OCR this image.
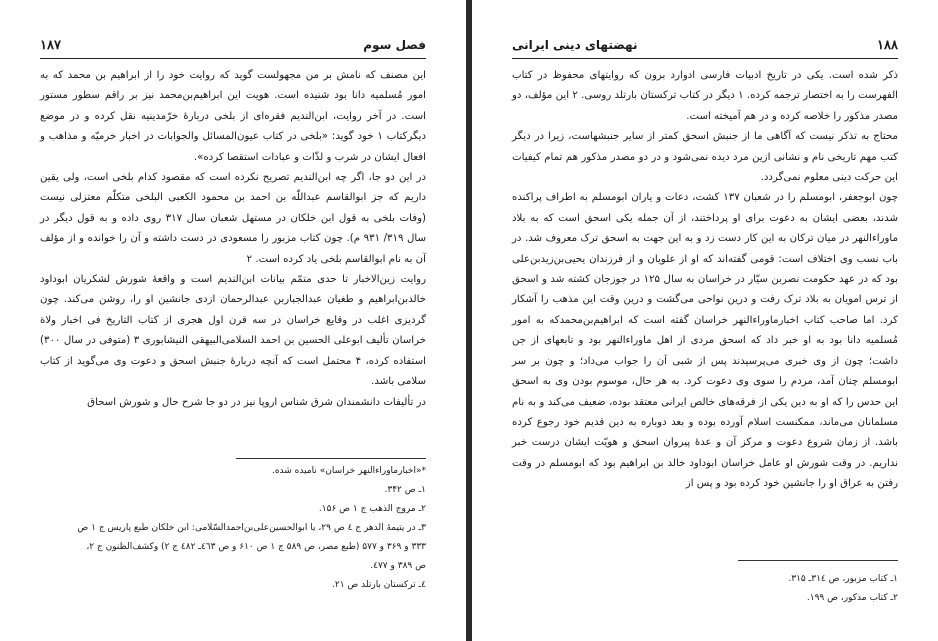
۱۸۷	فصل سوم

این مصنف که نامش بر من مجهولست گوید که روایت خود را از ابراهیم بن محمد که به امور مُسلمیه دانا بود شنیده است. هویت این ابراهیم‌بن‌محمد نیز بر راقم سطور مستور است. در آخر روایت، ابن‌الندیم فقره‌ای از بلخی دربارهٔ خرّمدینیه نقل کرده و در موضع دیگرکتاب ۱ خود گوید: «بلخی در کتاب عیون‌المسائل والجوابات در اخبار خرمیّه و مذاهب و افعال ایشان در شرب و لذّات و عبادات استقصا کرده».

در این دو جا، اگر چه ابن‌الندیم تصریح نکرده است که مقصود کدام بلخی است، ولی یقین داریم که جز ابوالقاسم عبداللّه بن احمد بن محمود الکعبی البلخی متکلّم معتزلی نیست (وفات بلخی به قول ابن خلکان در مستهل شعبان سال ۳۱۷ روی داده و به قول دیگر در سال ۳۱۹/ ۹۳۱ م). چون کتاب مزبور را مسعودی در دست داشته و آن را خوانده و از مؤلف آن به نام ابوالقاسم بلخی یاد کرده است. ۲

روایت زین‌الاخبار تا حدی متمّم بیانات ابن‌الندیم است و واقعهٔ شورش لشکریان ابوداود خالدبن‌ابراهیم و طغیان عبدالجباربن عبدالرحمان ازدی جانشین او را، روشن می‌کند. چون گردیزی اغلب در وقایع خراسان در سه قرن اول هجری از کتاب التاریخ فی اخبار ولاة خراسان تألیف ابوعلی الحسین بن احمد السلامی‌البیهقی النیشابوری ۳ (متوفی در سال ۳۰۰) استفاده کرده، ۴ محتمل است که آنچه دربارهٔ جنبش اسحق و دعوت وی می‌گوید از کتاب سلامی باشد.

در تألیفات دانشمندان شرق شناس اروپا نیز در دو جا شرح حال و شورش اسحاق

*«اخبارماوراءالنهر خراسان» نامیده شده.
۱ـ ص ۳۴۲.
۲ـ مروج الذهب ج ۱ ص ۱۵۶.
۳ـ در یتیمهٔ الدهر ج ٤ ص ۲۹، یا ابوالحسین‌علی‌بن‌احمدالسّلامی: ابن خلکان طبع پاریس ج ۱ ص
۳۳۳ و ۳۶۹ و ۵۷۷ (طبع مصر، ص ۵۸۹ ج ۱ ص ۶۱۰ و ص ٤٦٣ـ ٤٨٢ ج ۲) وکشف‌الظنون ج ۲،
ص ۳۸۹ و ٤٧٧.
٤ـ ترکستان بارتلد ص ۲۱.
۱۸۸
نهضتهای دینی ایرانی

ذکر شده است. یکی در تاریخ ادبیات فارسی ادوارد برون که روایتهای محفوظ در کتاب الفهرست را به اختصار ترجمه کرده. ۱ دیگر در کتاب ترکستان بارتلد روسی. ۲ این مؤلف، دو مصدر مذکور را خلاصه کرده و در هم آمیخته است.

محتاج به تذکر نیست که آگاهی ما از جنبش اسحق کمتر از سایر جنبشهاست، زیرا در دیگر کتب مهم تاریخی نام و نشانی ازین مرد دیده نمی‌شود و در دو مصدر مذکور هم تمام کیفیات این حرکت دینی معلوم نمی‌گردد.

چون ابوجعفر، ابومسلم را در شعبان ۱۳۷ کشت، دعات و یاران ابومسلم به اطراف پراکنده شدند، بعضی ایشان به دعوت برای او پرداختند، از آن جمله یکی اسحق است که به بلاد ماوراءالنهر در میان ترکان به این کار دست زد و به این جهت به اسحق ترک معروف شد. در باب نسب وی اختلاف است: قومی گفته‌اند که او از علویان و از فرزندان یحیی‌بن‌زیدبن‌علی بود که در عهد حکومت نصربن سیّار در خراسان به سال ۱۲۵ در جوزجان کشته شد و اسحق از ترس امویان به بلاد ترک رفت و درین نواحی می‌گشت و درین وقت این مذهب را آشکار کرد. اما صاحب کتاب اخبارماوراءالنهر خراسان گفته است که ابراهیم‌بن‌محمدکه به امور مُسلمیه دانا بود به او خبر داد که اسحق مردی از اهل ماوراءالنهر بود و تابعهای از جن داشت؛ چون از وی خبری می‌پرسیدند پس از شبی آن را جواب می‌داد؛ و چون بر سر ابومسلم چنان آمد، مردم را سوی وی دعوت کرد. به هر حال، موسوم بودن وی به اسحق این حدس را که او به دین یکی از فرقه‌های خالص ایرانی معتقد بوده، ضعیف می‌کند و به نام مسلمانان می‌ماند، ممکنست اسلام آورده بوده و بعد دوباره به دین قدیم خود رجوع کرده باشد. از زمان شروع دعوت و مرکز آن و عدهٔ پیروان اسحق و هویّت ایشان درست خبر نداریم. در وقت شورش او عامل خراسان ابوداود خالد بن ابراهیم بود که ابومسلم در وقت رفتن به عراق او را جانشین خود کرده بود و پس از

۱ـ کتاب مزبور، ص ۳۱٤ـ ۳۱۵.
۲ـ کتاب مذکور، ص ۱۹۹.
